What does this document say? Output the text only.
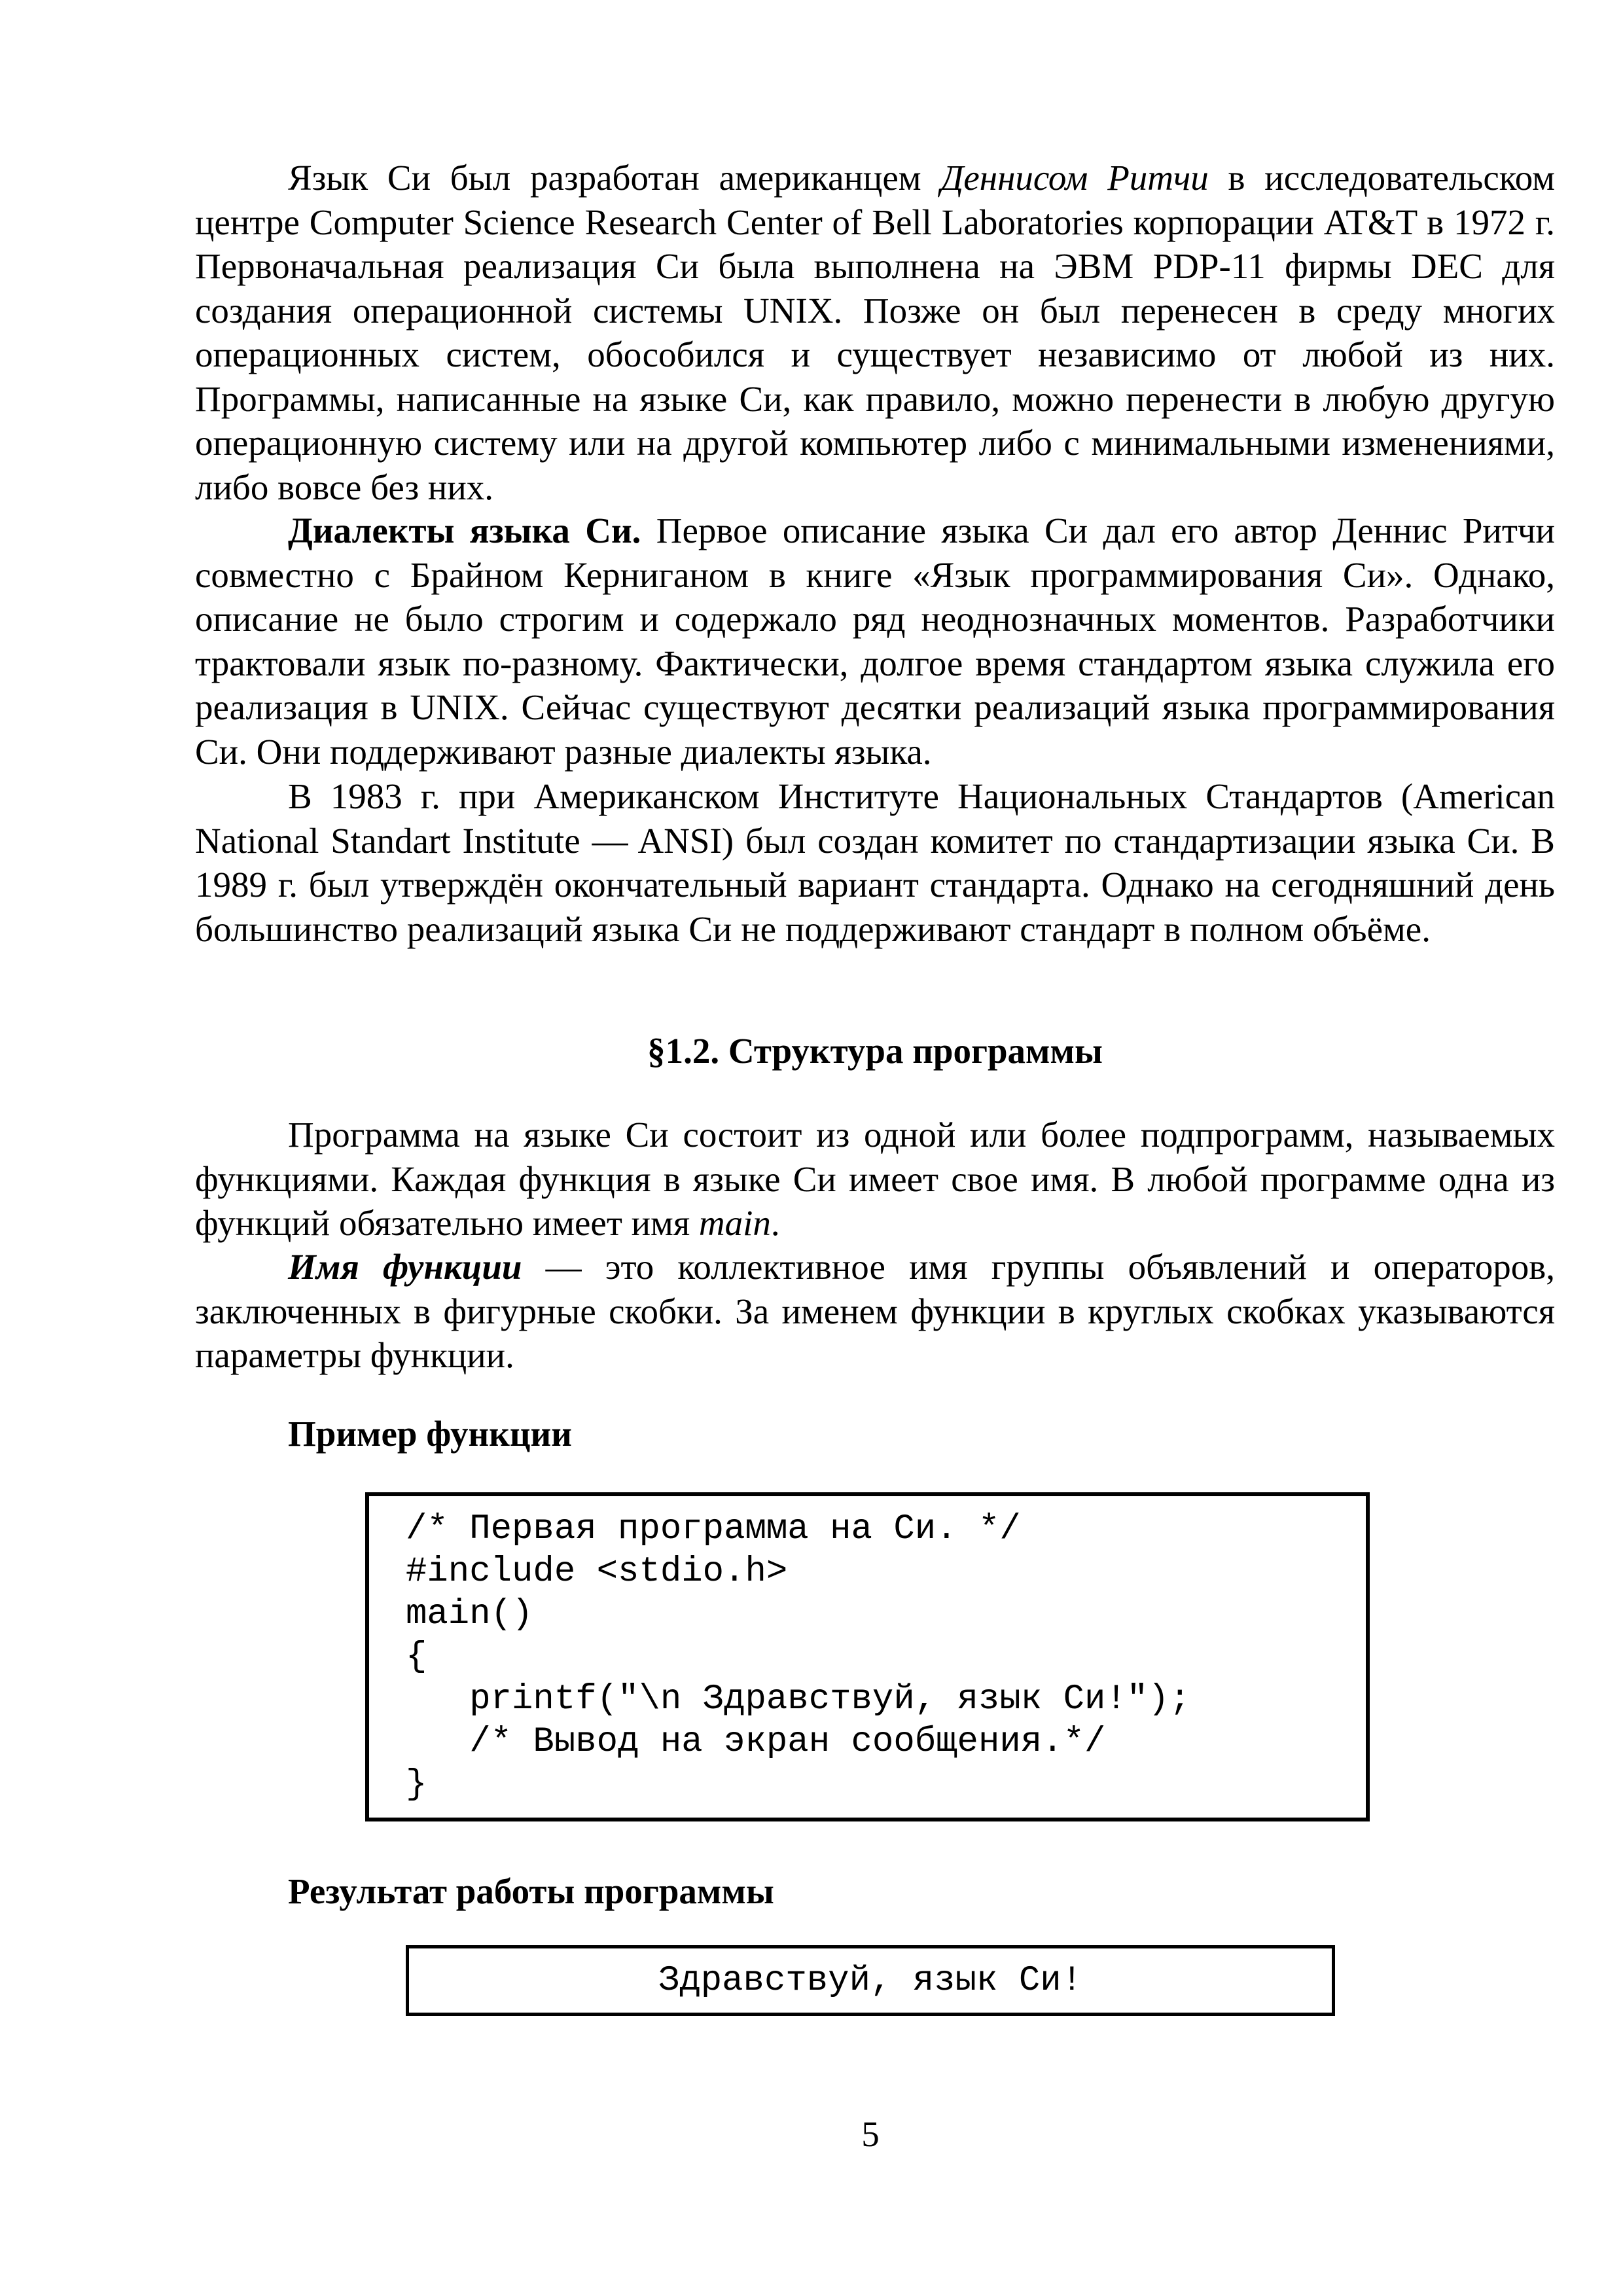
Язык Си был разработан американцем Деннисом Ритчи в исследовательском центре Computer Science Research Center of Bell Laboratories корпорации AT&T в 1972 г. Первоначальная реализация Си была выполнена на ЭВМ PDP-11 фирмы DEC для создания операционной системы UNIX. Позже он был перенесен в среду многих операционных систем, обособился и существует независимо от любой из них. Программы, написанные на языке Си, как правило, можно перенести в любую другую операционную систему или на другой компьютер либо с минимальными изменениями, либо вовсе без них.

Диалекты языка Си. Первое описание языка Си дал его автор Деннис Ритчи совместно с Брайном Керниганом в книге «Язык программирования Си». Однако, описание не было строгим и содержало ряд неоднозначных моментов. Разработчики трактовали язык по-разному. Фактически, долгое время стандартом языка служила его реализация в UNIX. Сейчас существуют десятки реализаций языка программирования Си. Они поддерживают разные диалекты языка.

В 1983 г. при Американском Институте Национальных Стандартов (American National Standart Institute — ANSI) был создан комитет по стандартизации языка Си. В 1989 г. был утверждён окончательный вариант стандарта. Однако на сегодняшний день большинство реализаций языка Си не поддерживают стандарт в полном объёме.

§1.2. Структура программы

Программа на языке Си состоит из одной или более подпрограмм, называемых функциями. Каждая функция в языке Си имеет свое имя. В любой программе одна из функций обязательно имеет имя main.

Имя функции — это коллективное имя группы объявлений и операторов, заключенных в фигурные скобки. За именем функции в круглых скобках указываются параметры функции.

Пример функции
/* Первая программа на Си. */
#include <stdio.h>
main()
{
printf("\n Здравствуй, язык Си!");
/* Вывод на экран сообщения.*/
}
Результат работы программы
Здравствуй, язык Си!
5
